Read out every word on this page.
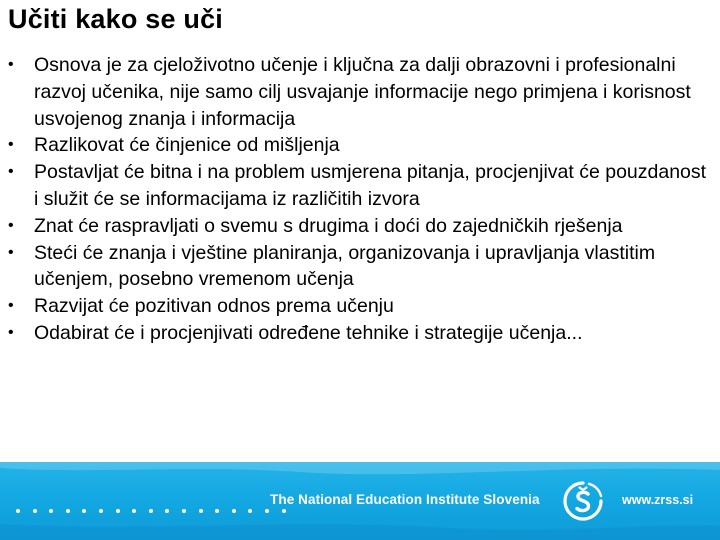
Učiti kako se uči
• Osnova je za cjeloživotno učenje i ključna za dalji obrazovni i profesionalni razvoj učenika, nije samo cilj usvajanje informacije nego primjena i korisnost usvojenog znanja i informacija
• Razlikovat će činjenice od mišljenja
• Postavljat će bitna i na problem usmjerena pitanja, procjenjivat će pouzdanost i služit će se informacijama iz različitih izvora
• Znat će raspravljati o svemu s drugima i doći do zajedničkih rješenja
• Steći će znanja i vještine planiranja, organizovanja i upravljanja vlastitim učenjem, posebno vremenom učenja
• Razvijat će pozitivan odnos prema učenju
• Odabirat će i procjenjivati određene tehnike i strategije učenja...
The National Education Institute Slovenia	www.zrss.si
